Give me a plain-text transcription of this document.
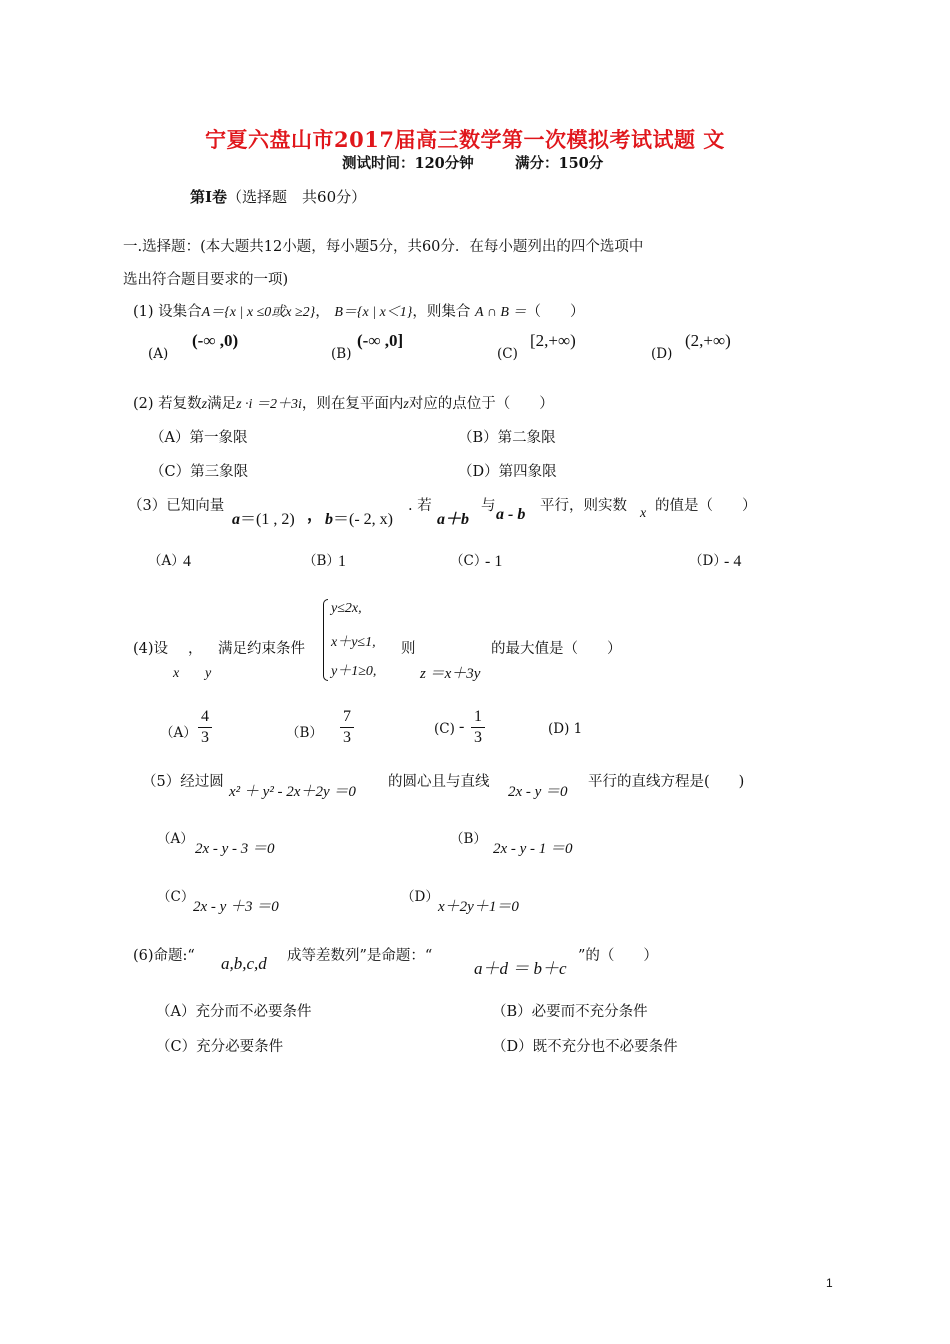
宁夏六盘山市2017届高三数学第一次模拟考试试题 文
测试时间：120分钟	满分：150分
第Ⅰ卷（选择题　共60分）
一.选择题：(本大题共12小题，每小题5分，共60分．在每小题列出的四个选项中
选出符合题目要求的一项)
(1) 设集合A＝{x | x ≤0或x ≥2}， B＝{x | x＜1}，则集合 A ∩ B ＝（　　）
(A)
(-∞ ,0)
(B)
(-∞ ,0]
(C)
[2,+∞)
(D)
(2,+∞)
(2) 若复数z满足z ·i ＝2＋3i，则在复平面内z对应的点位于（　　）
（A）第一象限	（B）第二象限
（C）第三象限	（D）第四象限
（3）已知向量
a＝(1 , 2) ， b＝(- 2, x)
. 若
a＋b
与 a - b 平行，则实数 x 的值是（　　）
（A）
4	（B）
1	（C）
- 1	（D）
- 4
(4)设 ， 满足约束条件
x y
y≤2x,
x＋y≤1,
y＋1≥0,
则
z ＝x＋3y
的最大值是（　　）
（A）
4
3	（B）
7
3	(C) -
1
3	(D) 1
（5）经过圆
x² ＋ y² - 2x＋2y ＝0
的圆心且与直线
2x - y ＝0
平行的直线方程是(　　)
（A）
2x - y - 3 ＝0
（B）
2x - y - 1 ＝0
（C）
2x - y ＋3 ＝0
（D）
x＋2y＋1＝0
(6)命题:“ a,b,c,d 成等差数列”是命题：“
a＋d ＝ b＋c
”的（　　）
（A）充分而不必要条件	（B）必要而不充分条件
（C）充分必要条件	（D）既不充分也不必要条件
1
